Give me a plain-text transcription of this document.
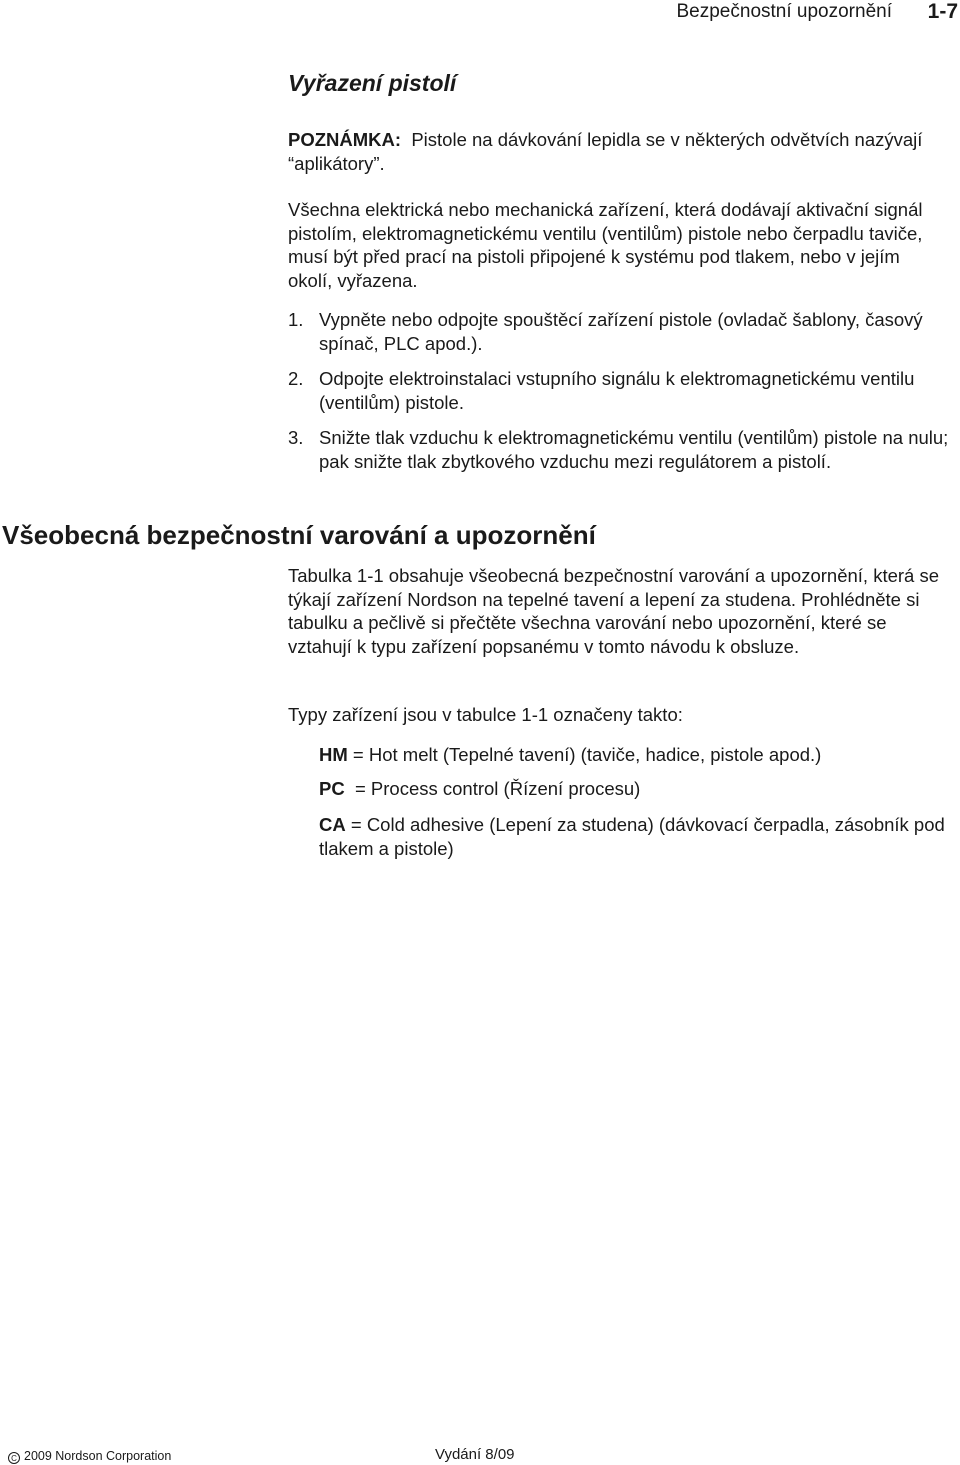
Bezpečnostní upozornění 1-7
Vyřazení pistolí
POZNÁMKA: Pistole na dávkování lepidla se v některých odvětvích nazývají “aplikátory”.
Všechna elektrická nebo mechanická zařízení, která dodávají aktivační signál pistolím, elektromagnetickému ventilu (ventilům) pistole nebo čerpadlu taviče, musí být před prací na pistoli připojené k systému pod tlakem, nebo v jejím okolí, vyřazena.
1. Vypněte nebo odpojte spouštěcí zařízení pistole (ovladač šablony, časový spínač, PLC apod.).
2. Odpojte elektroinstalaci vstupního signálu k elektromagnetickému ventilu (ventilům) pistole.
3. Snižte tlak vzduchu k elektromagnetickému ventilu (ventilům) pistole na nulu; pak snižte tlak zbytkového vzduchu mezi regulátorem a pistolí.
Všeobecná bezpečnostní varování a upozornění
Tabulka 1-1 obsahuje všeobecná bezpečnostní varování a upozornění, která se týkají zařízení Nordson na tepelné tavení a lepení za studena. Prohlédněte si tabulku a pečlivě si přečtěte všechna varování nebo upozornění, které se vztahují k typu zařízení popsanému v tomto návodu k obsluze.
Typy zařízení jsou v tabulce 1-1 označeny takto:
HM = Hot melt (Tepelné tavení) (taviče, hadice, pistole apod.)
PC  = Process control (Řízení procesu)
CA = Cold adhesive (Lepení za studena) (dávkovací čerpadla, zásobník pod tlakem a pistole)
C 2009 Nordson Corporation	Vydání 8/09
